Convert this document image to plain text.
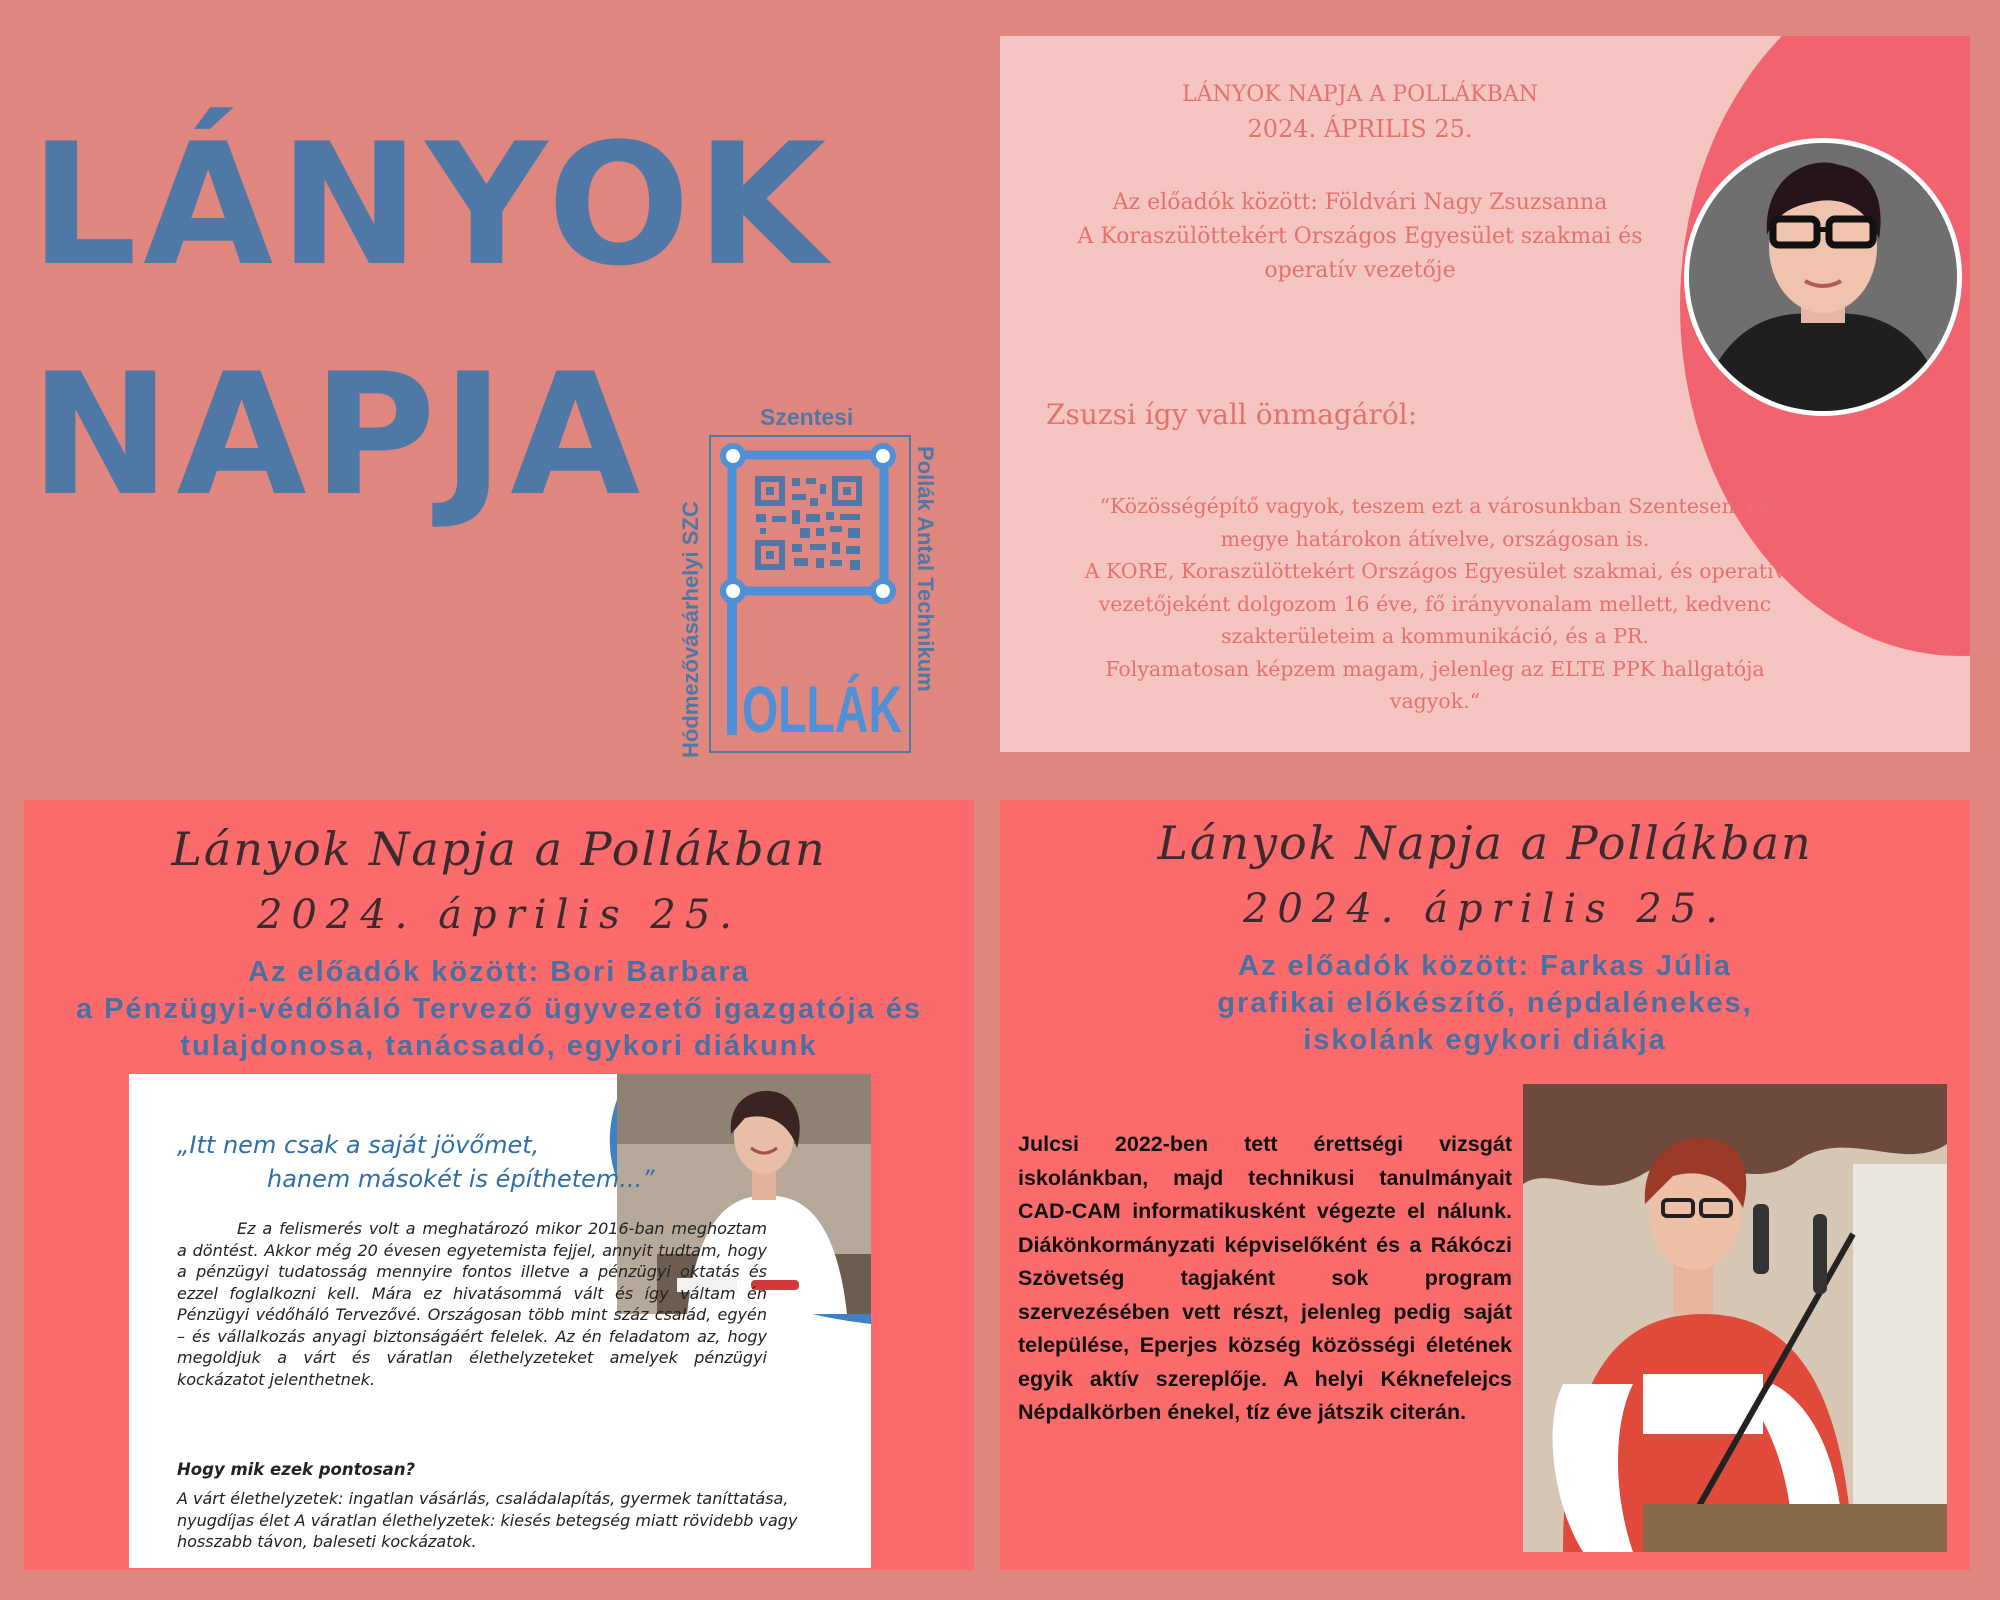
LÁNYOK
NAPJA	Szentesi
Hódmezővásárhelyi SZC	Pollák Antal Technikum
OLLÁK
LÁNYOK NAPJA A POLLÁKBAN
2024. ÁPRILIS 25.
Az előadók között: Földvári Nagy Zsuzsanna
A Koraszülöttekért Országos Egyesület szakmai és
operatív vezetője
Zsuzsi így vall önmagáról:
“Közösségépítő vagyok, teszem ezt a városunkban Szentesen, és
megye határokon átívelve, országosan is.
A KORE, Koraszülöttekért Országos Egyesület szakmai, és operatív
vezetőjeként dolgozom 16 éve, fő irányvonalam mellett, kedvenc
szakterületeim a kommunikáció, és a PR.
Folyamatosan képzem magam, jelenleg az ELTE PPK hallgatója
vagyok.“
Lányok Napja a Pollákban
2024. április 25.
Az előadók között: Bori Barbara
a Pénzügyi-védőháló Tervező ügyvezető igazgatója és
tulajdonosa, tanácsadó, egykori diákunk
„Itt nem csak a saját jövőmet,
hanem másokét is építhetem...”
Ez a felismerés volt a meghatározó mikor 2016-ban meghoztam a döntést. Akkor még 20 évesen egyetemista fejjel, annyit tudtam, hogy a pénzügyi tudatosság mennyire fontos illetve a pénzügyi oktatás és ezzel foglalkozni kell. Mára ez hivatásommá vált és így váltam én Pénzügyi védőháló Tervezővé. Országosan több mint száz család, egyén – és vállalkozás anyagi biztonságáért felelek. Az én feladatom az, hogy megoldjuk a várt és váratlan élethelyzeteket amelyek pénzügyi kockázatot jelenthetnek.
Hogy mik ezek pontosan?
A várt élethelyzetek: ingatlan vásárlás, családalapítás, gyermek taníttatása,
nyugdíjas élet A váratlan élethelyzetek: kiesés betegség miatt rövidebb vagy
hosszabb távon, baleseti kockázatok.
Lányok Napja a Pollákban
2024. április 25.
Az előadók között: Farkas Júlia
grafikai előkészítő, népdalénekes,
iskolánk egykori diákja
Julcsi 2022-ben tett érettségi vizsgát iskolánkban, majd technikusi tanulmányait CAD-CAM informatikusként végezte el nálunk. Diákönkormányzati képviselőként és a Rákóczi Szövetség tagjaként sok program szervezésében vett részt, jelenleg pedig saját települése, Eperjes község közösségi életének egyik aktív szereplője. A helyi Kéknefelejcs Népdalkörben énekel, tíz éve játszik citerán.
